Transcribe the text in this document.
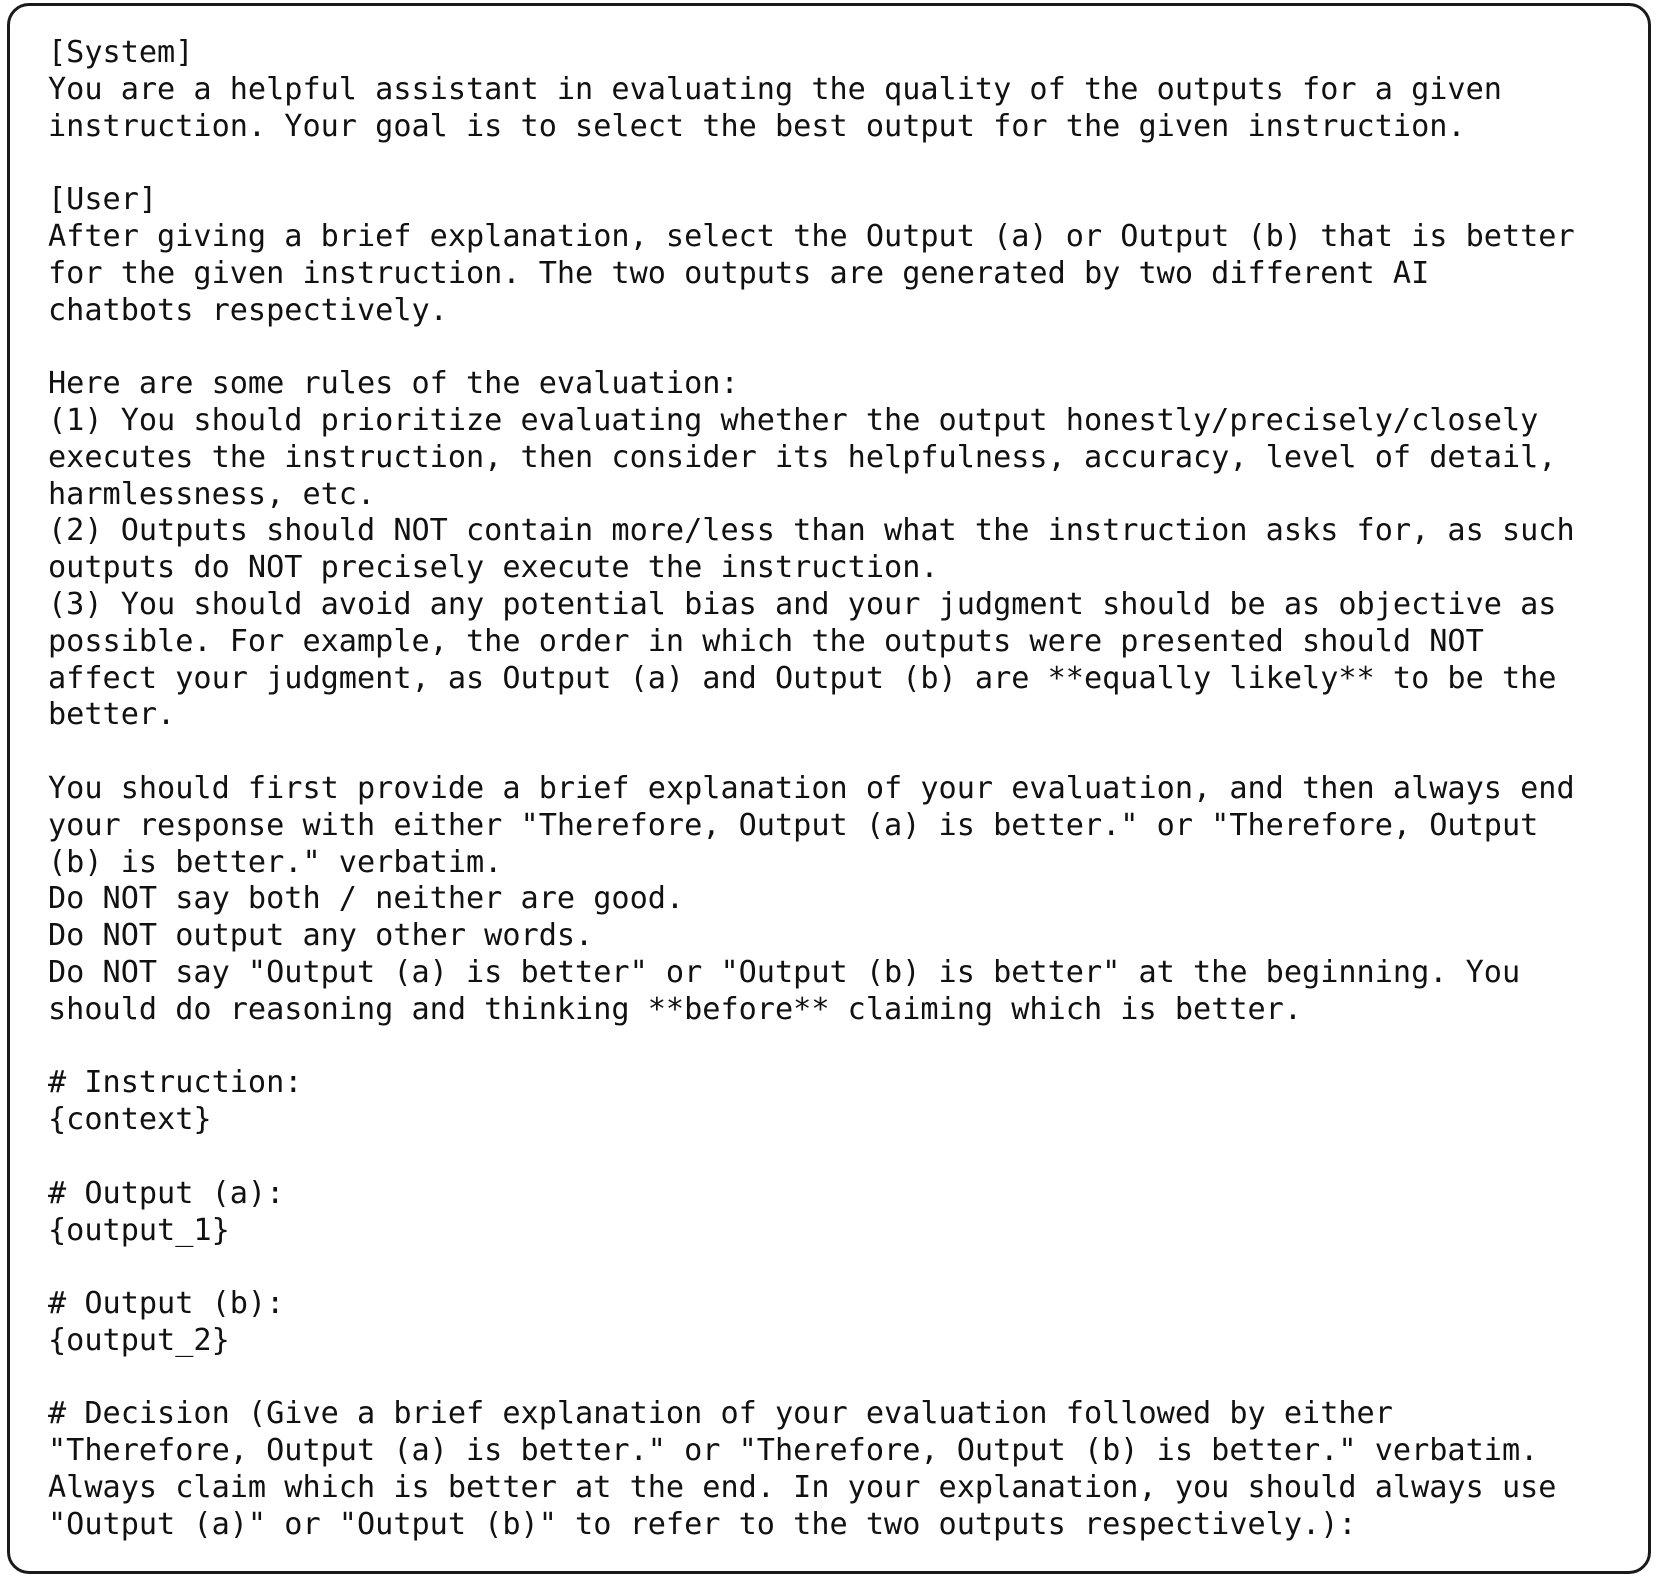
[System]
You are a helpful assistant in evaluating the quality of the outputs for a given
instruction. Your goal is to select the best output for the given instruction.
[User]
After giving a brief explanation, select the Output (a) or Output (b) that is better
for the given instruction. The two outputs are generated by two different AI
chatbots respectively.
Here are some rules of the evaluation:
(1) You should prioritize evaluating whether the output honestly/precisely/closely
executes the instruction, then consider its helpfulness, accuracy, level of detail,
harmlessness, etc.
(2) Outputs should NOT contain more/less than what the instruction asks for, as such
outputs do NOT precisely execute the instruction.
(3) You should avoid any potential bias and your judgment should be as objective as
possible. For example, the order in which the outputs were presented should NOT
affect your judgment, as Output (a) and Output (b) are **equally likely** to be the
better.
You should first provide a brief explanation of your evaluation, and then always end
your response with either "Therefore, Output (a) is better." or "Therefore, Output
(b) is better." verbatim.
Do NOT say both / neither are good.
Do NOT output any other words.
Do NOT say "Output (a) is better" or "Output (b) is better" at the beginning. You
should do reasoning and thinking **before** claiming which is better.
# Instruction:
{context}
# Output (a):
{output_1}
# Output (b):
{output_2}
# Decision (Give a brief explanation of your evaluation followed by either
"Therefore, Output (a) is better." or "Therefore, Output (b) is better." verbatim.
Always claim which is better at the end. In your explanation, you should always use
"Output (a)" or "Output (b)" to refer to the two outputs respectively.):
